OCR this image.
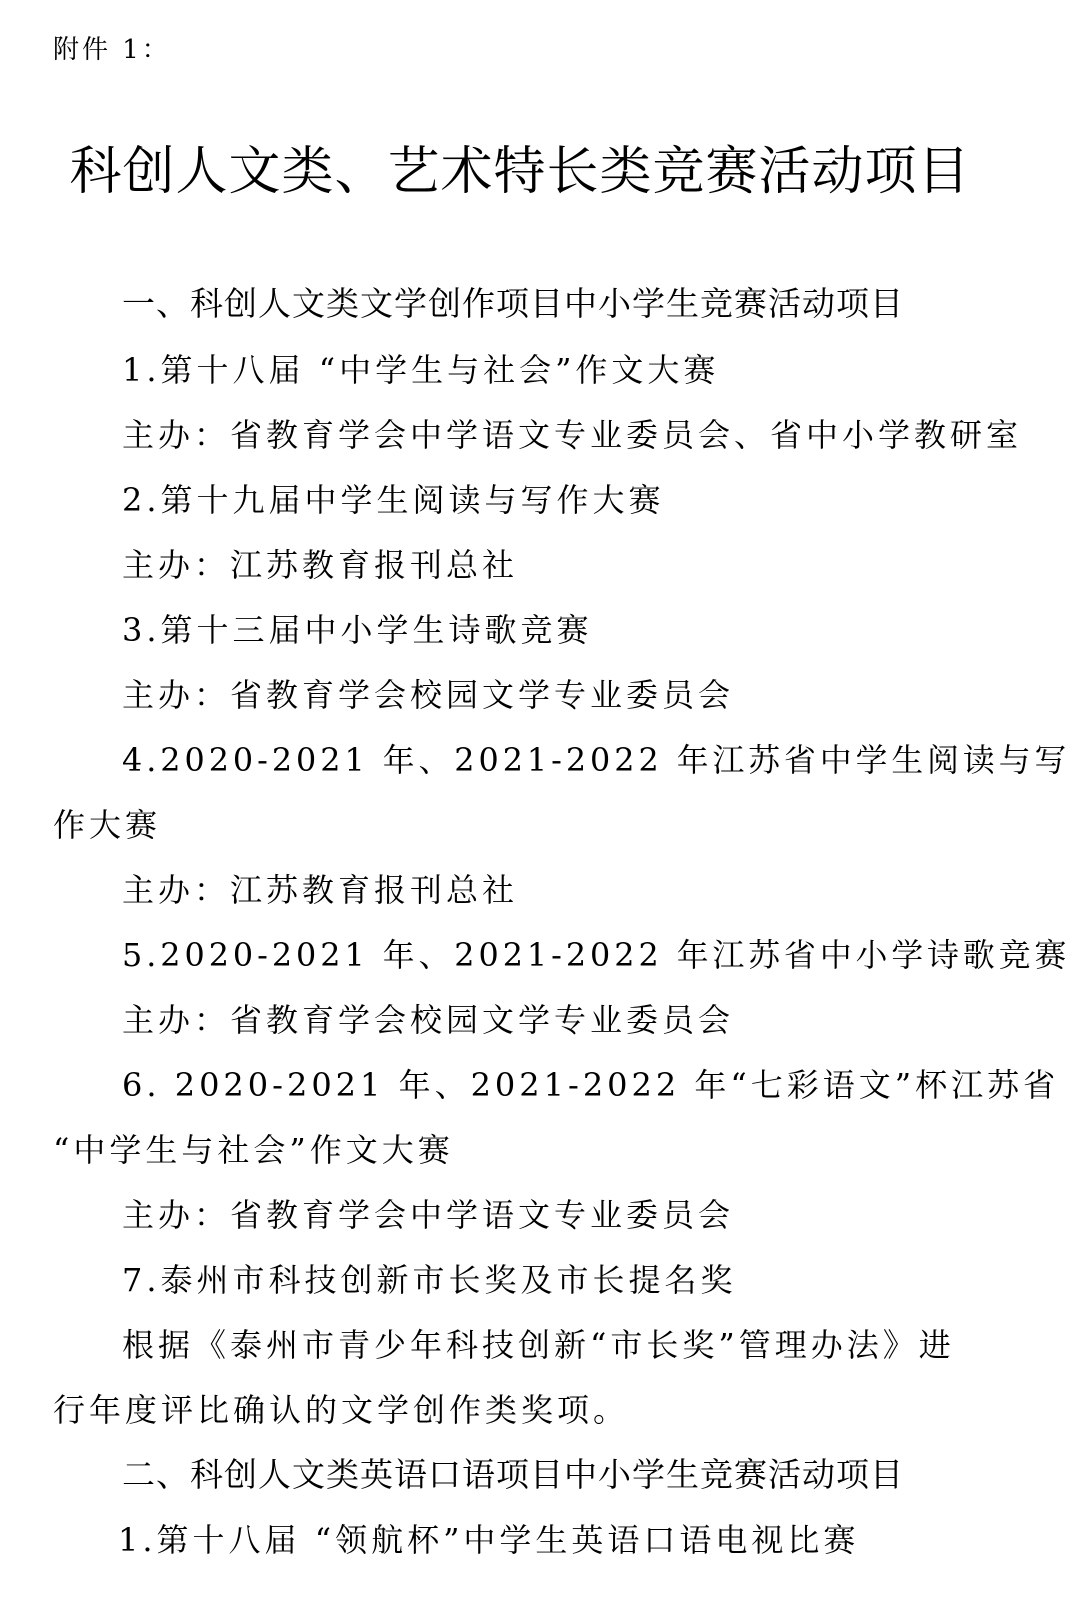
附件 1：
科创人文类、艺术特长类竞赛活动项目
一、科创人文类文学创作项目中小学生竞赛活动项目
1.第十八届 “中学生与社会”作文大赛
主办：省教育学会中学语文专业委员会、省中小学教研室
2.第十九届中学生阅读与写作大赛
主办：江苏教育报刊总社
3.第十三届中小学生诗歌竞赛
主办：省教育学会校园文学专业委员会
4.2020-2021 年、2021-2022 年江苏省中学生阅读与写
作大赛
主办：江苏教育报刊总社
5.2020-2021 年、2021-2022 年江苏省中小学诗歌竞赛
主办：省教育学会校园文学专业委员会
6. 2020-2021 年、2021-2022 年“七彩语文”杯江苏省
“中学生与社会”作文大赛
主办：省教育学会中学语文专业委员会
7.泰州市科技创新市长奖及市长提名奖
根据《泰州市青少年科技创新“市长奖”管理办法》进
行年度评比确认的文学创作类奖项。
二、科创人文类英语口语项目中小学生竞赛活动项目
1.第十八届 “领航杯”中学生英语口语电视比赛
